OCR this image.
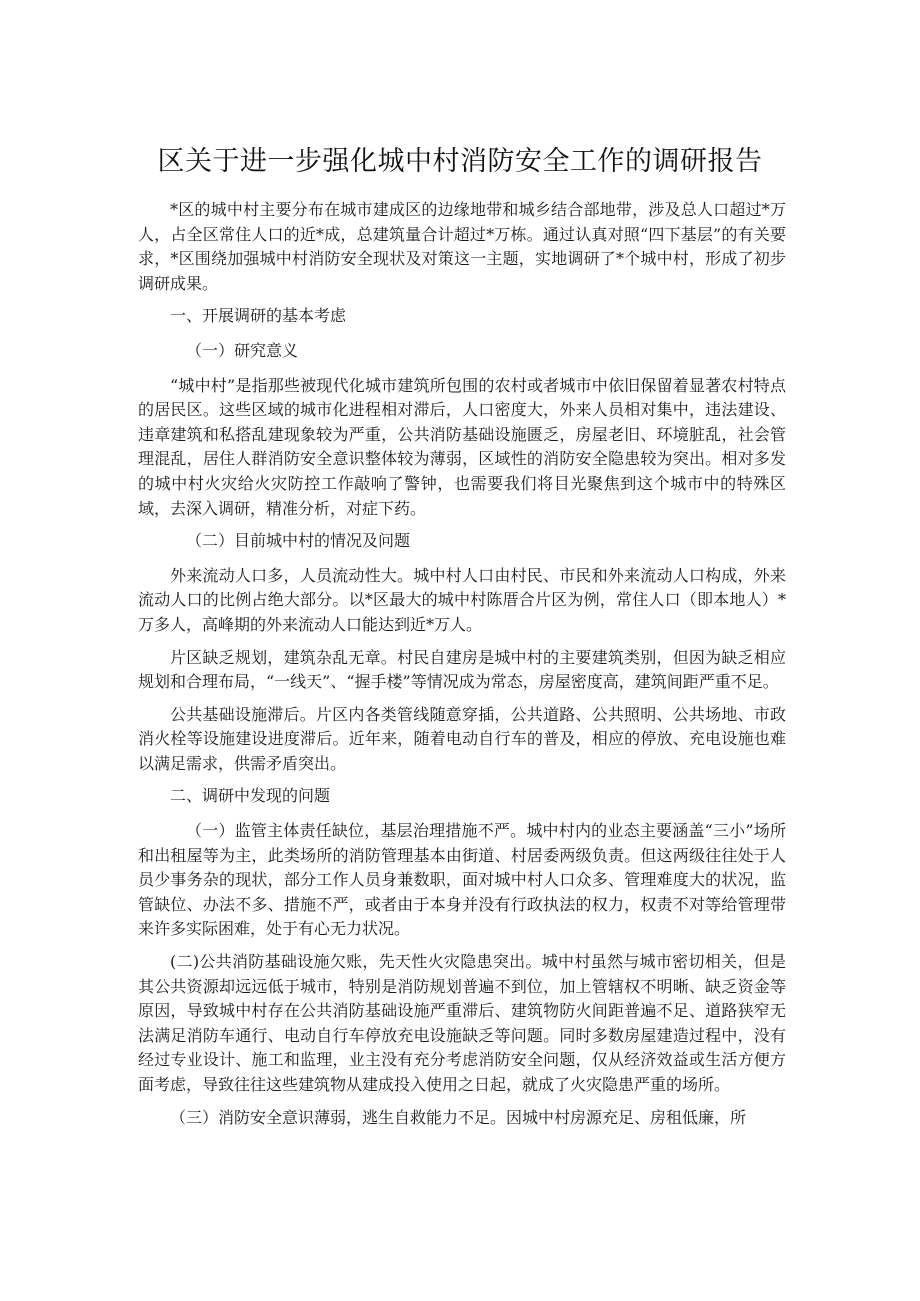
区关于进一步强化城中村消防安全工作的调研报告

*区的城中村主要分布在城市建成区的边缘地带和城乡结合部地带，涉及总人口超过*万人，占全区常住人口的近*成，总建筑量合计超过*万栋。通过认真对照“四下基层”的有关要求，*区围绕加强城中村消防安全现状及对策这一主题，实地调研了*个城中村，形成了初步调研成果。

一、开展调研的基本考虑

（一）研究意义

“城中村”是指那些被现代化城市建筑所包围的农村或者城市中依旧保留着显著农村特点的居民区。这些区域的城市化进程相对滞后，人口密度大，外来人员相对集中，违法建设、违章建筑和私搭乱建现象较为严重，公共消防基础设施匮乏，房屋老旧、环境脏乱，社会管理混乱，居住人群消防安全意识整体较为薄弱，区域性的消防安全隐患较为突出。相对多发的城中村火灾给火灾防控工作敲响了警钟，也需要我们将目光聚焦到这个城市中的特殊区域，去深入调研，精准分析，对症下药。

（二）目前城中村的情况及问题

外来流动人口多，人员流动性大。城中村人口由村民、市民和外来流动人口构成，外来流动人口的比例占绝大部分。以*区最大的城中村陈厝合片区为例，常住人口（即本地人）*万多人，高峰期的外来流动人口能达到近*万人。

片区缺乏规划，建筑杂乱无章。村民自建房是城中村的主要建筑类别，但因为缺乏相应规划和合理布局，“一线天”、“握手楼”等情况成为常态，房屋密度高，建筑间距严重不足。

公共基础设施滞后。片区内各类管线随意穿插，公共道路、公共照明、公共场地、市政消火栓等设施建设进度滞后。近年来，随着电动自行车的普及，相应的停放、充电设施也难以满足需求，供需矛盾突出。

二、调研中发现的问题

（一）监管主体责任缺位，基层治理措施不严。城中村内的业态主要涵盖“三小”场所和出租屋等为主，此类场所的消防管理基本由街道、村居委两级负责。但这两级往往处于人员少事务杂的现状，部分工作人员身兼数职，面对城中村人口众多、管理难度大的状况，监管缺位、办法不多、措施不严，或者由于本身并没有行政执法的权力，权责不对等给管理带来许多实际困难，处于有心无力状况。

(二)公共消防基础设施欠账，先天性火灾隐患突出。城中村虽然与城市密切相关，但是其公共资源却远远低于城市，特别是消防规划普遍不到位，加上管辖权不明晰、缺乏资金等原因，导致城中村存在公共消防基础设施严重滞后、建筑物防火间距普遍不足、道路狭窄无法满足消防车通行、电动自行车停放充电设施缺乏等问题。同时多数房屋建造过程中，没有经过专业设计、施工和监理，业主没有充分考虑消防安全问题，仅从经济效益或生活方便方面考虑，导致往往这些建筑物从建成投入使用之日起，就成了火灾隐患严重的场所。

（三）消防安全意识薄弱，逃生自救能力不足。因城中村房源充足、房租低廉，所
